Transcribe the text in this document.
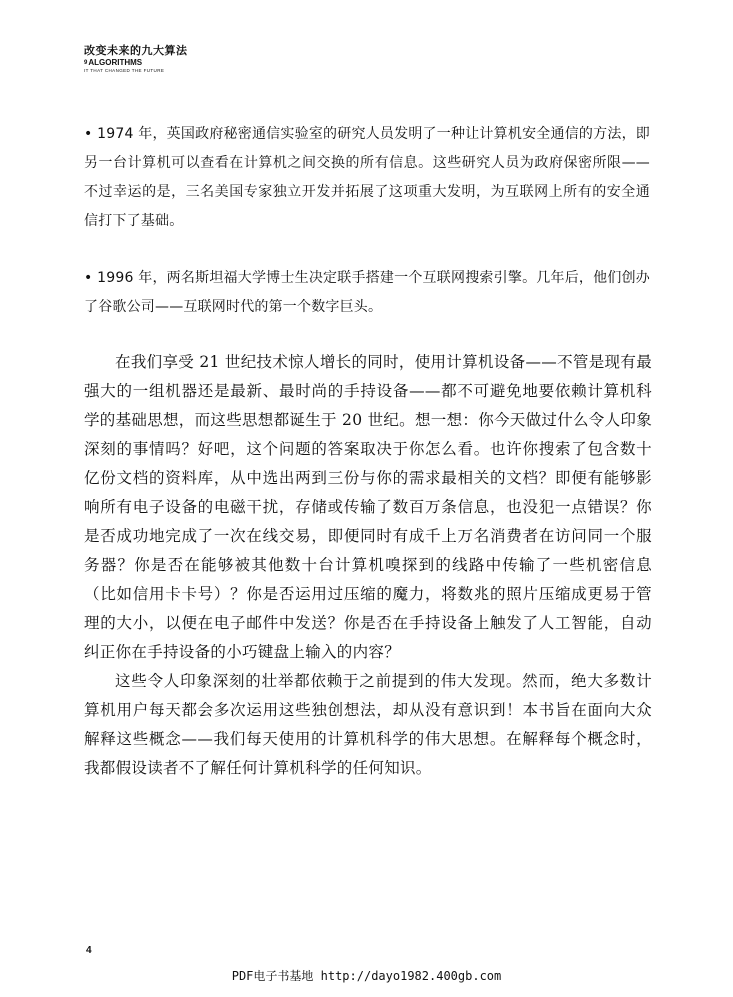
改变未来的九大算法
9ALGORITHMS
IT THAT CHANGED THE FUTURE

• 1974 年，英国政府秘密通信实验室的研究人员发明了一种让计算机安全通信的方法，即另一台计算机可以查看在计算机之间交换的所有信息。这些研究人员为政府保密所限——不过幸运的是，三名美国专家独立开发并拓展了这项重大发明，为互联网上所有的安全通信打下了基础。

• 1996 年，两名斯坦福大学博士生决定联手搭建一个互联网搜索引擎。几年后，他们创办了谷歌公司——互联网时代的第一个数字巨头。

在我们享受 21 世纪技术惊人增长的同时，使用计算机设备——不管是现有最强大的一组机器还是最新、最时尚的手持设备——都不可避免地要依赖计算机科学的基础思想，而这些思想都诞生于 20 世纪。想一想：你今天做过什么令人印象深刻的事情吗？好吧，这个问题的答案取决于你怎么看。也许你搜索了包含数十亿份文档的资料库，从中选出两到三份与你的需求最相关的文档？即便有能够影响所有电子设备的电磁干扰，存储或传输了数百万条信息，也没犯一点错误？你是否成功地完成了一次在线交易，即便同时有成千上万名消费者在访问同一个服务器？你是否在能够被其他数十台计算机嗅探到的线路中传输了一些机密信息（比如信用卡卡号）？你是否运用过压缩的魔力，将数兆的照片压缩成更易于管理的大小，以便在电子邮件中发送？你是否在手持设备上触发了人工智能，自动纠正你在手持设备的小巧键盘上输入的内容？

这些令人印象深刻的壮举都依赖于之前提到的伟大发现。然而，绝大多数计算机用户每天都会多次运用这些独创想法，却从没有意识到！本书旨在面向大众解释这些概念——我们每天使用的计算机科学的伟大思想。在解释每个概念时，我都假设读者不了解任何计算机科学的任何知识。

4
PDF电子书基地 http://dayo1982.400gb.com
